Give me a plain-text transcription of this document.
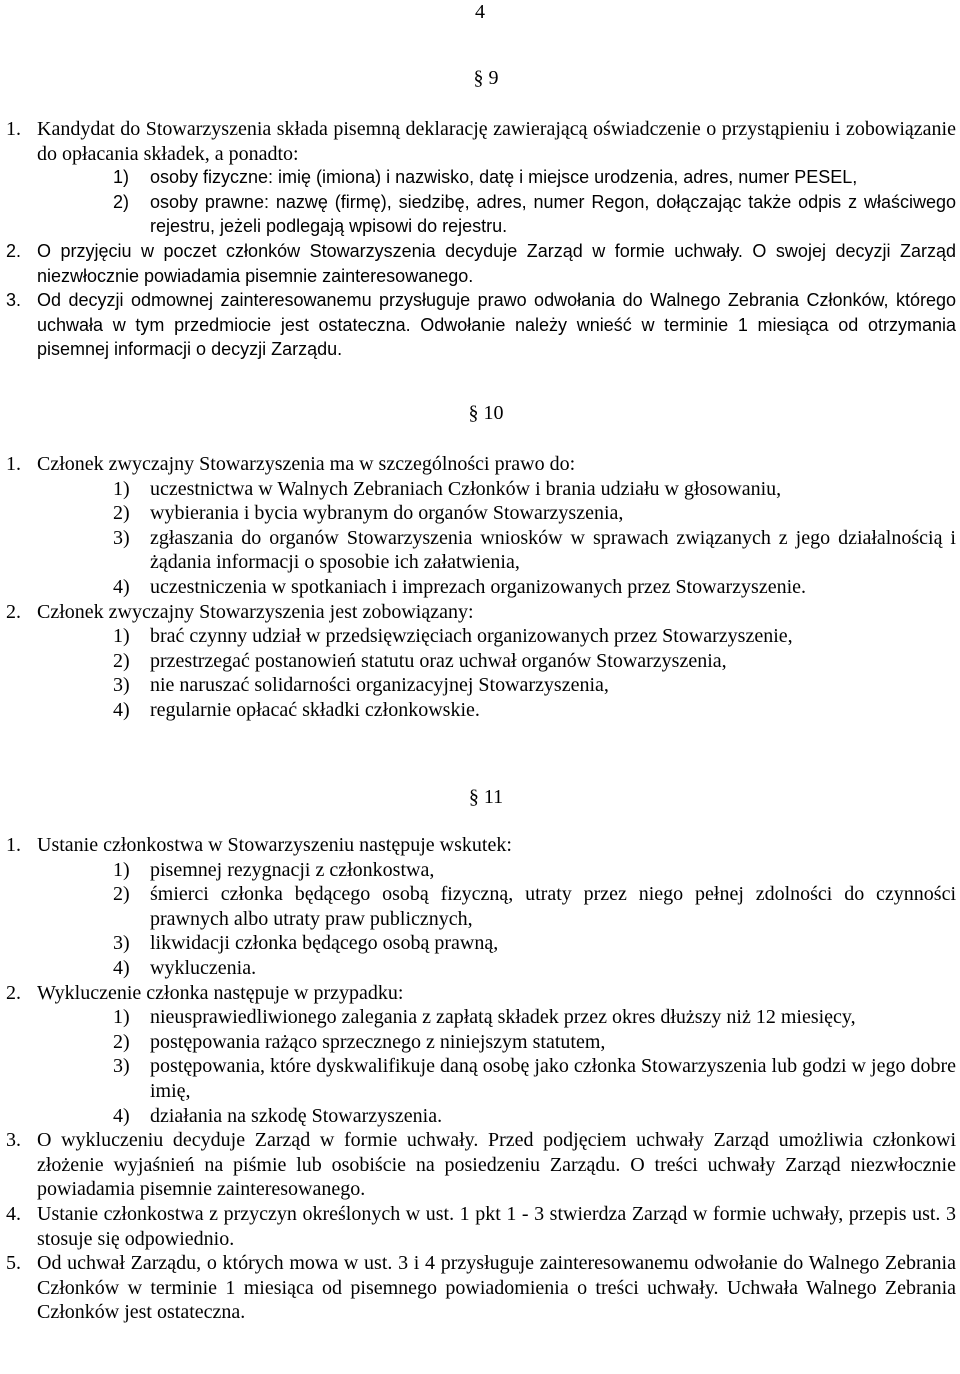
4
§ 9
1. Kandydat do Stowarzyszenia składa pisemną deklarację zawierającą oświadczenie o przystąpieniu i zobowiązanie do opłacania składek, a ponadto:
1) osoby fizyczne: imię (imiona) i nazwisko, datę i miejsce urodzenia, adres, numer PESEL,
2) osoby prawne: nazwę (firmę), siedzibę, adres, numer Regon, dołączając także odpis z właściwego rejestru, jeżeli podlegają wpisowi do rejestru.
2. O przyjęciu w poczet członków Stowarzyszenia decyduje Zarząd w formie uchwały. O swojej decyzji Zarząd niezwłocznie powiadamia pisemnie zainteresowanego.
3. Od decyzji odmownej zainteresowanemu przysługuje prawo odwołania do Walnego Zebrania Członków, którego uchwała w tym przedmiocie jest ostateczna. Odwołanie należy wnieść w terminie 1 miesiąca od otrzymania pisemnej informacji o decyzji Zarządu.
§ 10
1. Członek zwyczajny Stowarzyszenia ma w szczególności prawo do:
1) uczestnictwa w Walnych Zebraniach Członków i brania udziału w głosowaniu,
2) wybierania i bycia wybranym do organów Stowarzyszenia,
3) zgłaszania do organów Stowarzyszenia wniosków w sprawach związanych z jego działalnością i żądania informacji o sposobie ich załatwienia,
4) uczestniczenia w spotkaniach i imprezach organizowanych przez Stowarzyszenie.
2. Członek zwyczajny Stowarzyszenia jest zobowiązany:
1) brać czynny udział w przedsięwzięciach organizowanych przez Stowarzyszenie,
2) przestrzegać postanowień statutu oraz uchwał organów Stowarzyszenia,
3) nie naruszać solidarności organizacyjnej Stowarzyszenia,
4) regularnie opłacać składki członkowskie.
§ 11
1. Ustanie członkostwa w Stowarzyszeniu następuje wskutek:
1) pisemnej rezygnacji z członkostwa,
2) śmierci członka będącego osobą fizyczną, utraty przez niego pełnej zdolności do czynności prawnych albo utraty praw publicznych,
3) likwidacji członka będącego osobą prawną,
4) wykluczenia.
2. Wykluczenie członka następuje w przypadku:
1) nieusprawiedliwionego zalegania z zapłatą składek przez okres dłuższy niż 12 miesięcy,
2) postępowania rażąco sprzecznego z niniejszym statutem,
3) postępowania, które dyskwalifikuje daną osobę jako członka Stowarzyszenia lub godzi w jego dobre imię,
4) działania na szkodę Stowarzyszenia.
3. O wykluczeniu decyduje Zarząd w formie uchwały. Przed podjęciem uchwały Zarząd umożliwia członkowi złożenie wyjaśnień na piśmie lub osobiście na posiedzeniu Zarządu. O treści uchwały Zarząd niezwłocznie powiadamia pisemnie zainteresowanego.
4. Ustanie członkostwa z przyczyn określonych w ust. 1 pkt 1 - 3 stwierdza Zarząd w formie uchwały, przepis ust. 3 stosuje się odpowiednio.
5. Od uchwał Zarządu, o których mowa w ust. 3 i 4 przysługuje zainteresowanemu odwołanie do Walnego Zebrania Członków w terminie 1 miesiąca od pisemnego powiadomienia o treści uchwały. Uchwała Walnego Zebrania Członków jest ostateczna.
